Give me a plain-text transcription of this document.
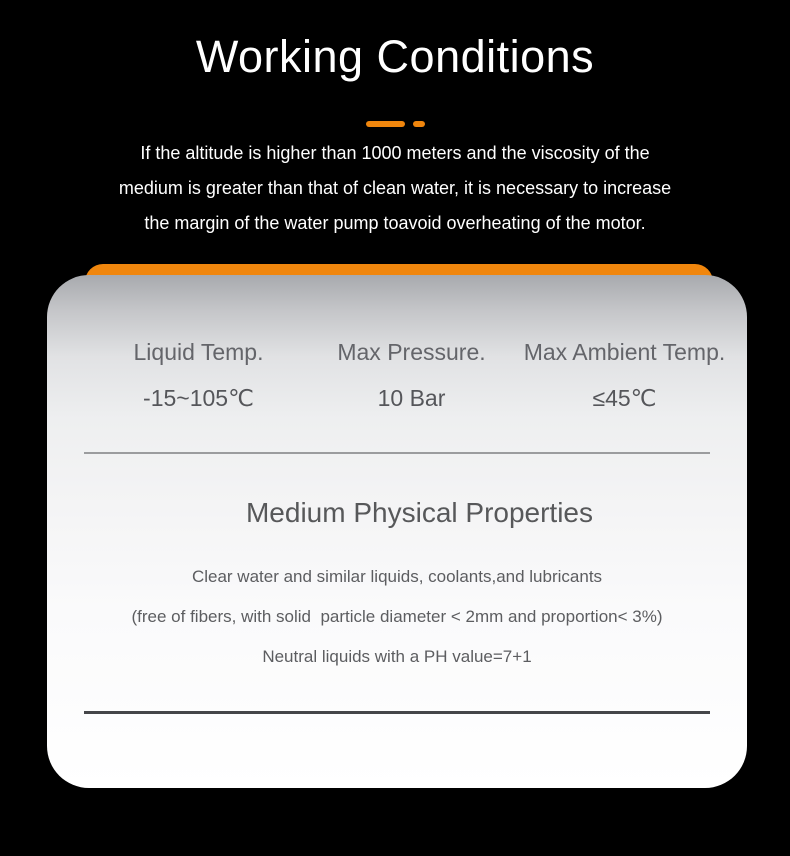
Working Conditions
If the altitude is higher than 1000 meters and the viscosity of the
medium is greater than that of clean water, it is necessary to increase
the margin of the water pump toavoid overheating of the motor.
Liquid Temp.
-15~105℃
Max Pressure.
10 Bar
Max Ambient Temp.
≤45℃
Medium Physical Properties
Clear water and similar liquids, coolants,and lubricants
(free of fibers, with solid  particle diameter < 2mm and proportion< 3%)
Neutral liquids with a PH value=7+1
